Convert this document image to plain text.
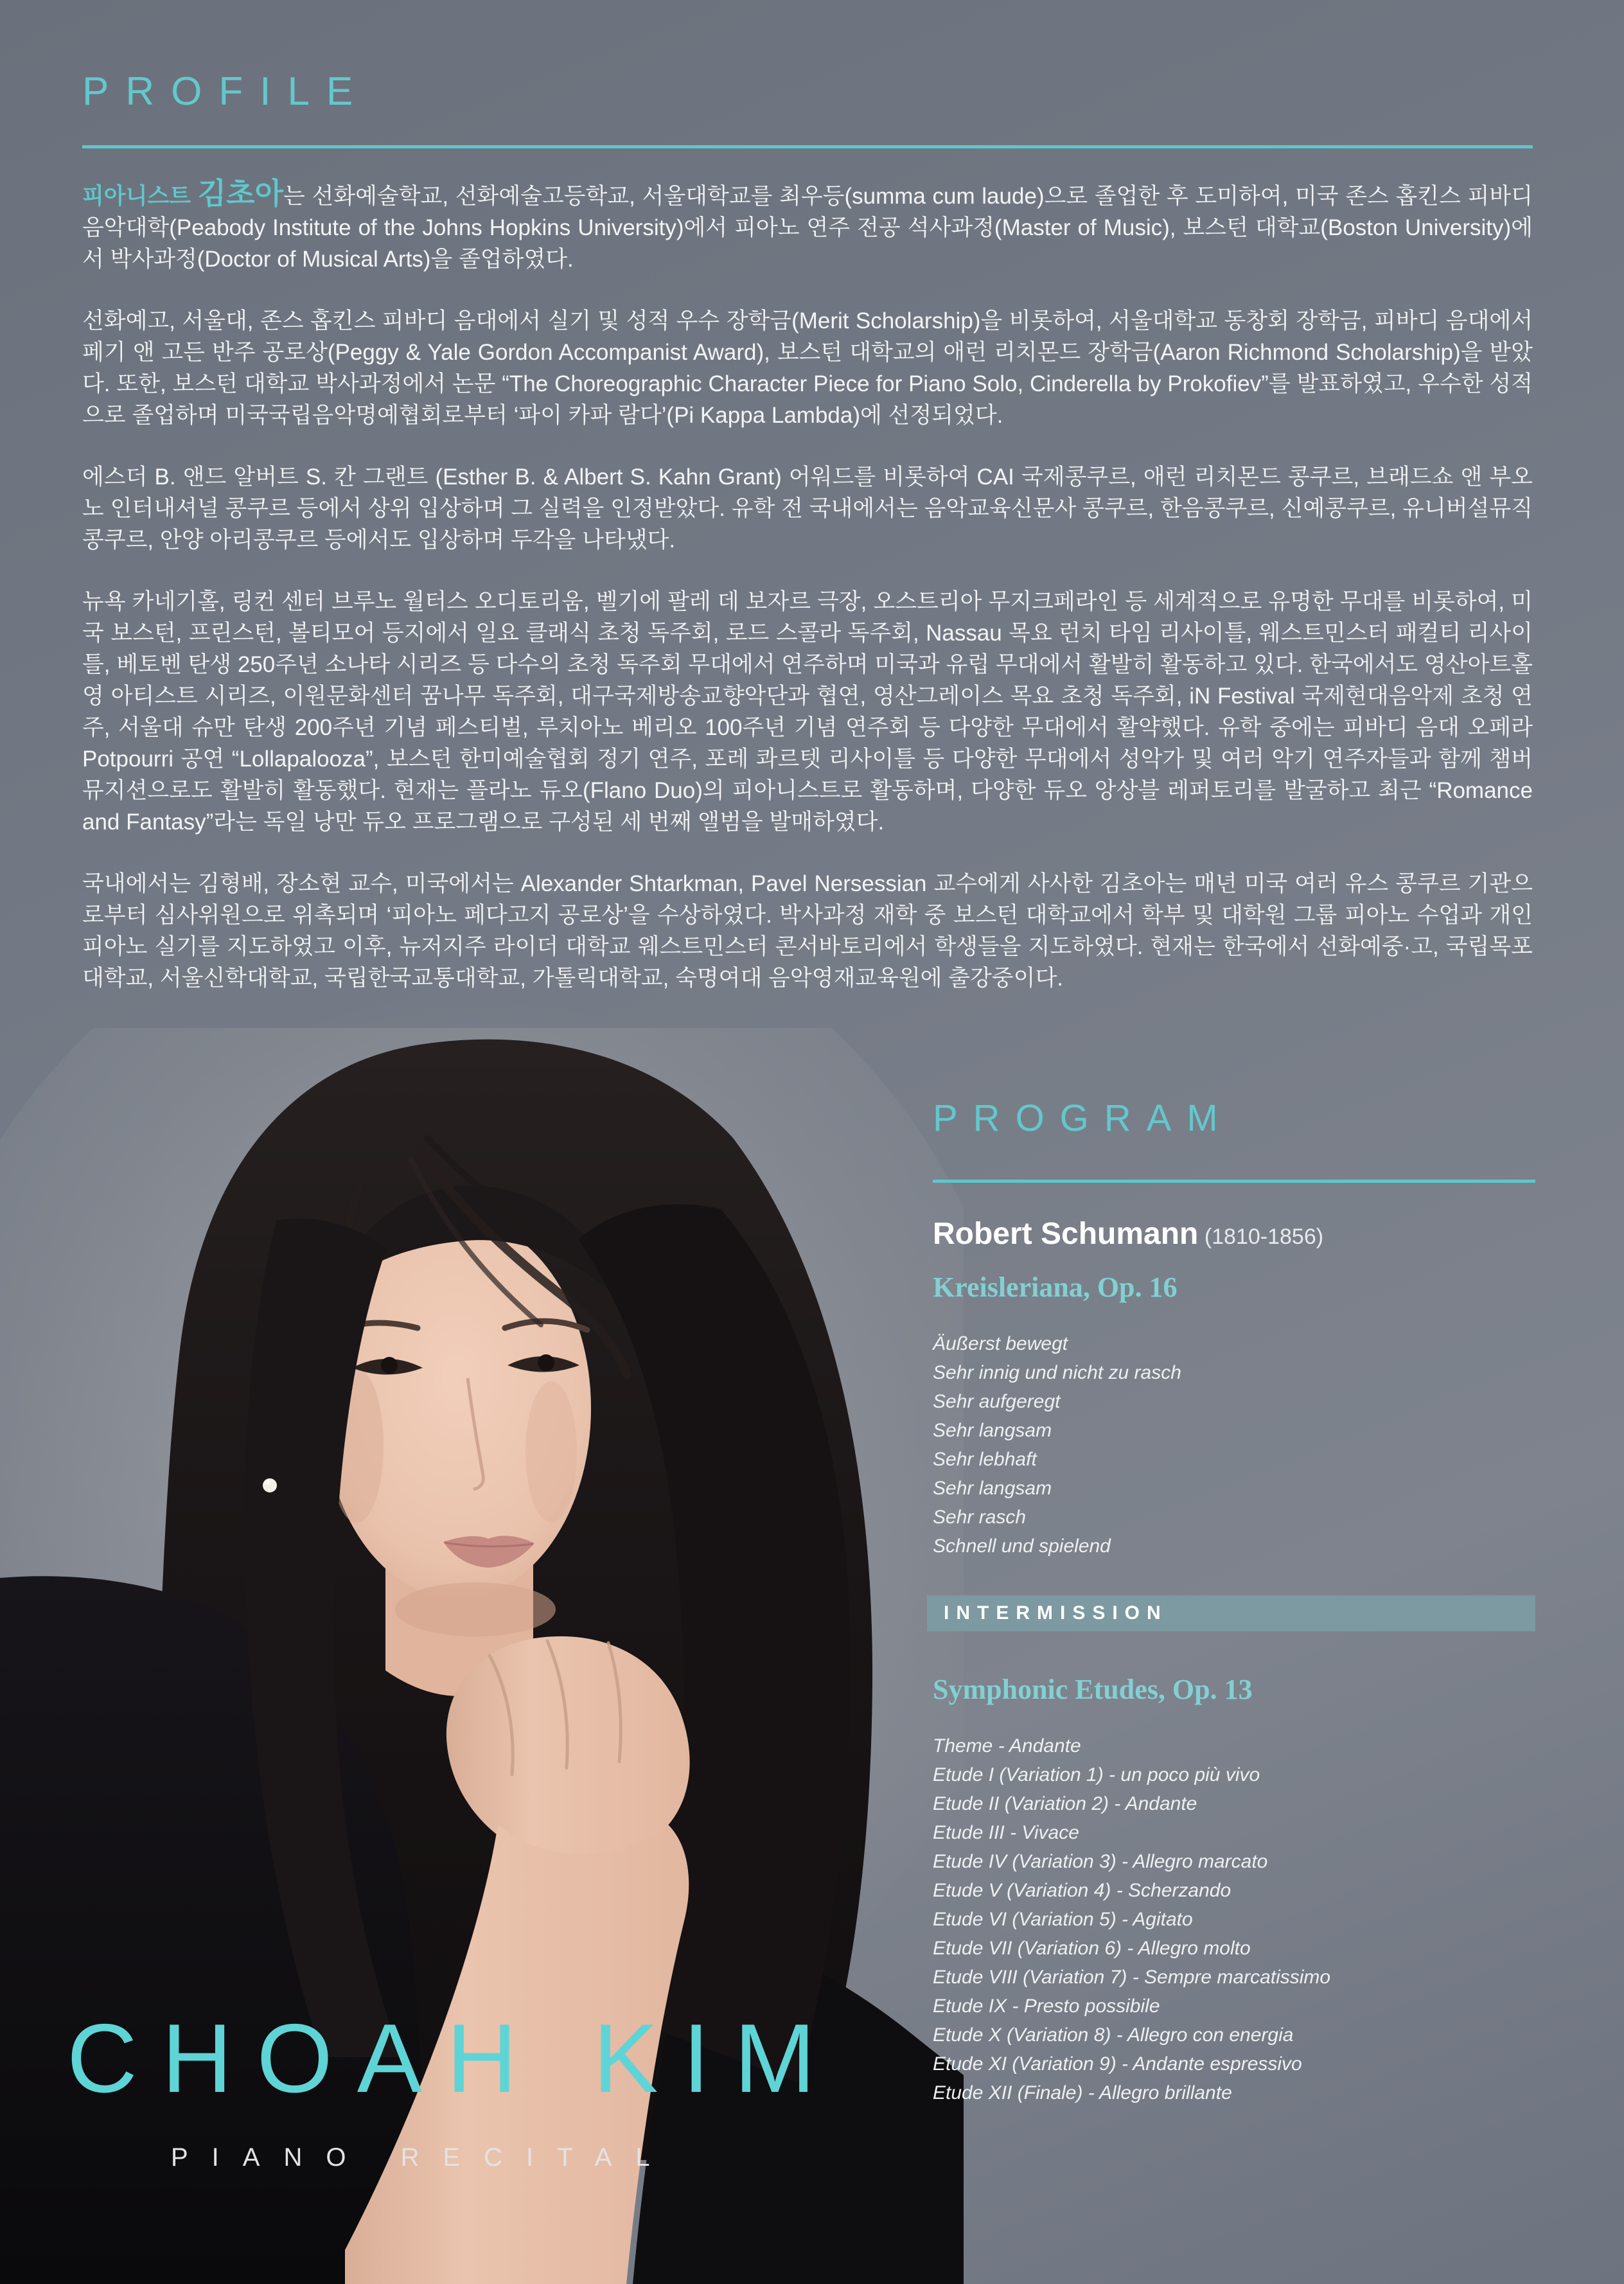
PROFILE

피아니스트 김초아는 선화예술학교, 선화예술고등학교, 서울대학교를 최우등(summa cum laude)으로 졸업한 후 도미하여, 미국 존스 홉킨스 피바디 음악대학(Peabody Institute of the Johns Hopkins University)에서 피아노 연주 전공 석사과정(Master of Music), 보스턴 대학교(Boston University)에서 박사과정(Doctor of Musical Arts)을 졸업하였다.

선화예고, 서울대, 존스 홉킨스 피바디 음대에서 실기 및 성적 우수 장학금(Merit Scholarship)을 비롯하여, 서울대학교 동창회 장학금, 피바디 음대에서 페기 앤 고든 반주 공로상(Peggy & Yale Gordon Accompanist Award), 보스턴 대학교의 애런 리치몬드 장학금(Aaron Richmond Scholarship)을 받았다. 또한, 보스턴 대학교 박사과정에서 논문 “The Choreographic Character Piece for Piano Solo, Cinderella by Prokofiev”를 발표하였고, 우수한 성적으로 졸업하며 미국국립음악명예협회로부터 ‘파이 카파 람다’(Pi Kappa Lambda)에 선정되었다.

에스더 B. 앤드 알버트 S. 칸 그랜트 (Esther B. & Albert S. Kahn Grant) 어워드를 비롯하여 CAI 국제콩쿠르, 애런 리치몬드 콩쿠르, 브래드쇼 앤 부오노 인터내셔널 콩쿠르 등에서 상위 입상하며 그 실력을 인정받았다. 유학 전 국내에서는 음악교육신문사 콩쿠르, 한음콩쿠르, 신예콩쿠르, 유니버설뮤직콩쿠르, 안양 아리콩쿠르 등에서도 입상하며 두각을 나타냈다.

뉴욕 카네기홀, 링컨 센터 브루노 월터스 오디토리움, 벨기에 팔레 데 보자르 극장, 오스트리아 무지크페라인 등 세계적으로 유명한 무대를 비롯하여, 미국 보스턴, 프린스턴, 볼티모어 등지에서 일요 클래식 초청 독주회, 로드 스콜라 독주회, Nassau 목요 런치 타임 리사이틀, 웨스트민스터 패컬티 리사이틀, 베토벤 탄생 250주년 소나타 시리즈 등 다수의 초청 독주회 무대에서 연주하며 미국과 유럽 무대에서 활발히 활동하고 있다. 한국에서도 영산아트홀 영 아티스트 시리즈, 이원문화센터 꿈나무 독주회, 대구국제방송교향악단과 협연, 영산그레이스 목요 초청 독주회, iN Festival 국제현대음악제 초청 연주, 서울대 슈만 탄생 200주년 기념 페스티벌, 루치아노 베리오 100주년 기념 연주회 등 다양한 무대에서 활약했다. 유학 중에는 피바디 음대 오페라 Potpourri 공연 “Lollapalooza”, 보스턴 한미예술협회 정기 연주, 포레 콰르텟 리사이틀 등 다양한 무대에서 성악가 및 여러 악기 연주자들과 함께 챔버 뮤지션으로도 활발히 활동했다. 현재는 플라노 듀오(Flano Duo)의 피아니스트로 활동하며, 다양한 듀오 앙상블 레퍼토리를 발굴하고 최근 “Romance and Fantasy”라는 독일 낭만 듀오 프로그램으로 구성된 세 번째 앨범을 발매하였다.

국내에서는 김형배, 장소현 교수, 미국에서는 Alexander Shtarkman, Pavel Nersessian 교수에게 사사한 김초아는 매년 미국 여러 유스 콩쿠르 기관으로부터 심사위원으로 위촉되며 ‘피아노 페다고지 공로상’을 수상하였다. 박사과정 재학 중 보스턴 대학교에서 학부 및 대학원 그룹 피아노 수업과 개인 피아노 실기를 지도하였고 이후, 뉴저지주 라이더 대학교 웨스트민스터 콘서바토리에서 학생들을 지도하였다. 현재는 한국에서 선화예중·고, 국립목포대학교, 서울신학대학교, 국립한국교통대학교, 가톨릭대학교, 숙명여대 음악영재교육원에 출강중이다.

PROGRAM
Robert Schumann (1810-1856)
Kreisleriana, Op. 16
Äußerst bewegt
Sehr innig und nicht zu rasch
Sehr aufgeregt
Sehr langsam
Sehr lebhaft
Sehr langsam
Sehr rasch
Schnell und spielend
INTERMISSION
Symphonic Etudes, Op. 13
Theme - Andante
Etude I (Variation 1) - un poco più vivo
Etude II (Variation 2) - Andante
Etude III - Vivace
Etude IV (Variation 3) - Allegro marcato
Etude V (Variation 4) - Scherzando
Etude VI (Variation 5) - Agitato
Etude VII (Variation 6) - Allegro molto
Etude VIII (Variation 7) - Sempre marcatissimo
Etude IX - Presto possibile
Etude X (Variation 8) - Allegro con energia
Etude XI (Variation 9) - Andante espressivo
Etude XII (Finale) - Allegro brillante
CHOAH KIM
PIANO RECITAL
